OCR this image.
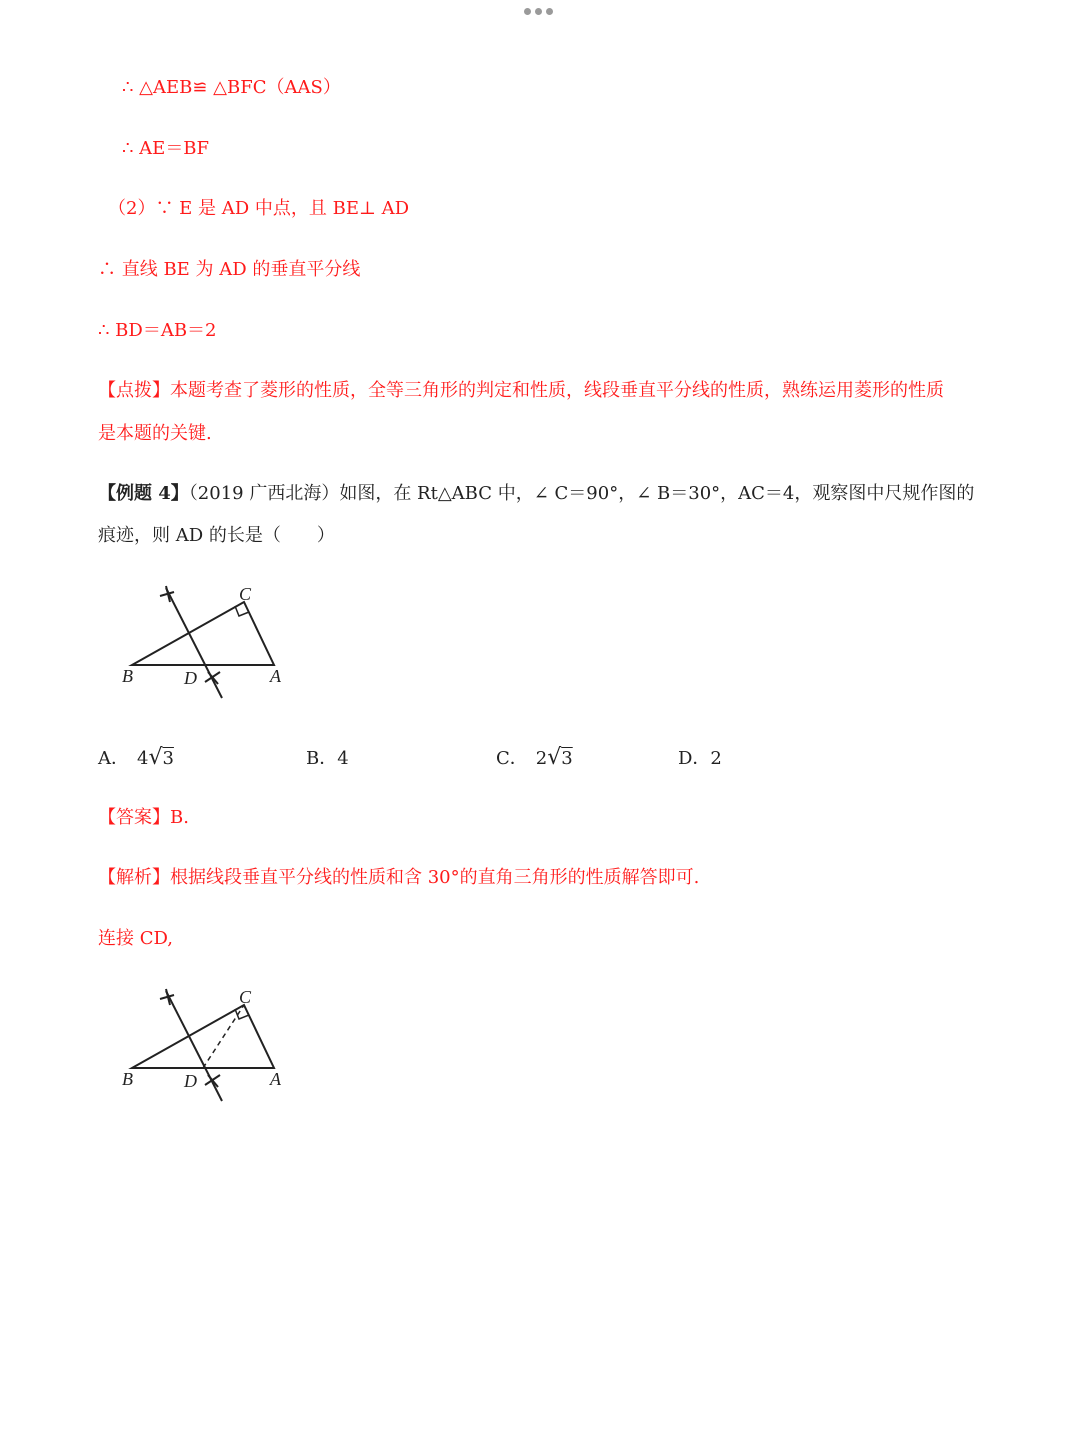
∴ △AEB≌ △BFC（AAS）
∴ AE＝BF
（2）∵ E 是 AD 中点，且 BE⊥ AD
∴ 直线 BE 为 AD 的垂直平分线
∴ BD＝AB＝2
【点拨】本题考查了菱形的性质，全等三角形的判定和性质，线段垂直平分线的性质，熟练运用菱形的性质
是本题的关键.
【例题 4】（2019 广西北海）如图，在 Rt△ABC 中，∠ C＝90°，∠ B＝30°，AC＝4，观察图中尺规作图的
痕迹，则 AD 的长是（　　）
B
C
D	A
A． 4√3	B．4	C． 2√3	D．2
【答案】B.
【解析】根据线段垂直平分线的性质和含 30°的直角三角形的性质解答即可.
连接 CD,
B
C
D	A
